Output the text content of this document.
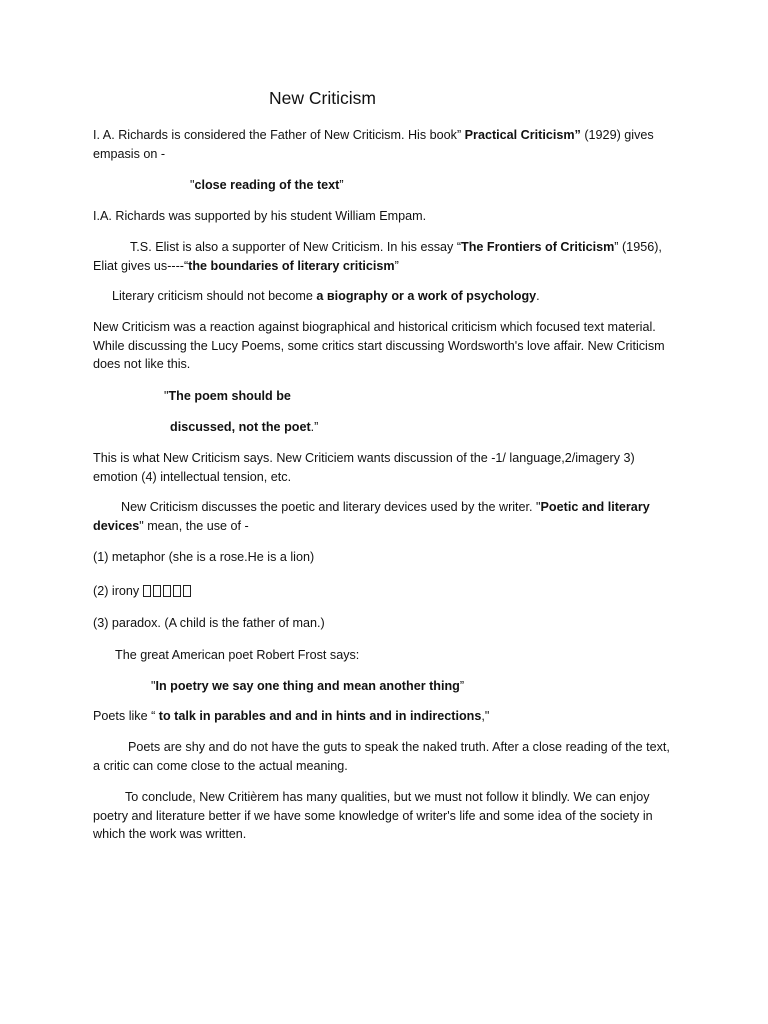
New Criticism

I. A. Richards is considered the Father of New Criticism. His book” Practical Criticism” (1929) gives empasis on -

"close reading of the text”

I.A. Richards was supported by his student William Empam.

T.S. Elist is also a supporter of New Criticism. In his essay “The Frontiers of Criticism” (1956), Eliat gives us----“the boundaries of literary criticism”

Literary criticism should not become a віography or a work of psychology.

New Criticism was a reaction against biographical and historical criticism which focused text material. While discussing the Lucy Poems, some critics start discussing Wordsworth's love affair. New Criticism does not like this.

"The poem should be

discussed, not the poet.”

This is what New Criticism says. New Criticiem wants discussion of the -1/ language,2/imagery 3) emotion (4) intellectual tension, etc.

New Criticism discusses the poetic and literary devices used by the writer. "Poetic and literary devices" mean, the use of -

(1) metaphor (she is a rose.He is a lion)

(2) irony

(3) paradox. (A child is the father of man.)

The great American poet Robert Frost says:

"In poetry we say one thing and mean another thing”

Poets like “ to talk in parables and and in hints and in indirections,"

Poets are shy and do not have the guts to speak the naked truth. After a close reading of the text, a critic can come close to the actual meaning.

To conclude, New Critièrem has many qualities, but we must not follow it blindly. We can enjoy poetry and literature better if we have some knowledge of writer's life and some idea of the society in which the work was written.
